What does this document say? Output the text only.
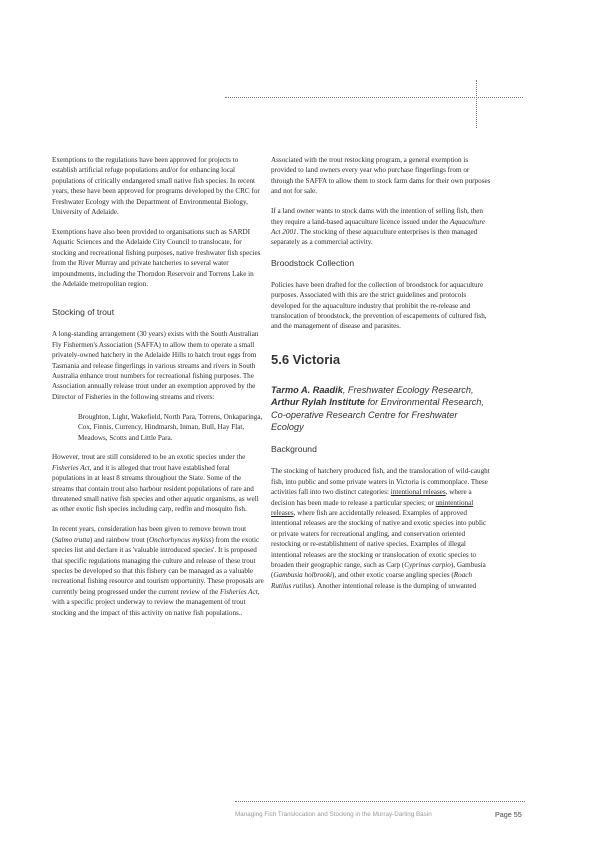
Exemptions to the regulations have been approved for projects to establish artificial refuge populations and/or for enhancing local populations of critically endangered small native fish species. In recent years, these have been approved for programs developed by the CRC for Freshwater Ecology with the Department of Environmental Biology, University of Adelaide.

Exemptions have also been provided to organisations such as SARDI Aquatic Sciences and the Adelaide City Council to translocate, for stocking and recreational fishing purposes, native freshwater fish species from the River Murray and private hatcheries to several water impoundments, including the Thorndon Reservoir and Torrens Lake in the Adelaide metropolitan region.

Stocking of trout

A long-standing arrangement (30 years) exists with the South Australian Fly Fishermen's Association (SAFFA) to allow them to operate a small privately-owned hatchery in the Adelaide Hills to hatch trout eggs from Tasmania and release fingerlings in various streams and rivers in South Australia enhance trout numbers for recreational fishing purposes. The Association annually release trout under an exemption approved by the Director of Fisheries in the following streams and rivers:

Broughton, Light, Wakefield, North Para, Torrens, Onkaparinga, Cox, Finnis, Currency, Hindmarsh, Inman, Bull, Hay Flat, Meadows, Scotts and Little Para.

However, trout are still considered to be an exotic species under the Fisheries Act, and it is alleged that trout have established feral populations in at least 8 streams throughout the State. Some of the streams that contain trout also harbour resident populations of rare and threatened small native fish species and other aquatic organisms, as well as other exotic fish species including carp, redfin and mosquito fish.

In recent years, consideration has been given to remove brown trout (Salmo trutta) and rainbow trout (Onchorhyncus mykiss) from the exotic species list and declare it as 'valuable introduced species'. It is proposed that specific regulations managing the culture and release of these trout species be developed so that this fishery can be managed as a valuable recreational fishing resource and tourism opportunity. These proposals are currently being progressed under the current review of the Fisheries Act, with a specific project underway to review the management of trout stocking and the impact of this activity on native fish populations..

Associated with the trout restocking program, a general exemption is provided to land owners every year who purchase fingerlings from or through the SAFFA to allow them to stock farm dams for their own purposes and not for sale.

If a land owner wants to stock dams with the intention of selling fish, then they require a land-based aquaculture licence issued under the Aquaculture Act 2001. The stocking of these aquaculture enterprises is then managed separately as a commercial activity.

Broodstock Collection

Policies have been drafted for the collection of broodstock for aquaculture purposes. Associated with this are the strict guidelines and protocols developed for the aquaculture industry that prohibit the re-release and translocation of broodstock, the prevention of escapements of cultured fish, and the management of disease and parasites.

5.6 Victoria
Tarmo A. Raadik, Freshwater Ecology Research, Arthur Rylah Institute for Environmental Research, Co-operative Research Centre for Freshwater Ecology
Background

The stocking of hatchery produced fish, and the translocation of wild-caught fish, into public and some private waters in Victoria is commonplace. These activities fall into two distinct categories: intentional releases, where a decision has been made to release a particular species; or unintentional releases, where fish are accidentally released. Examples of approved intentional releases are the stocking of native and exotic species into public or private waters for recreational angling, and conservation oriented restocking or re-establishment of native species. Examples of illegal intentional releases are the stocking or translocation of exotic species to broaden their geographic range, such as Carp (Cyprinus carpio), Gambusia (Gambusia holbrooki), and other exotic coarse angling species (Roach Rutilus rutilus). Another intentional release is the dumping of unwanted

Managing Fish Translocation and Stocking in the Murray-Darling Basin	Page 55
